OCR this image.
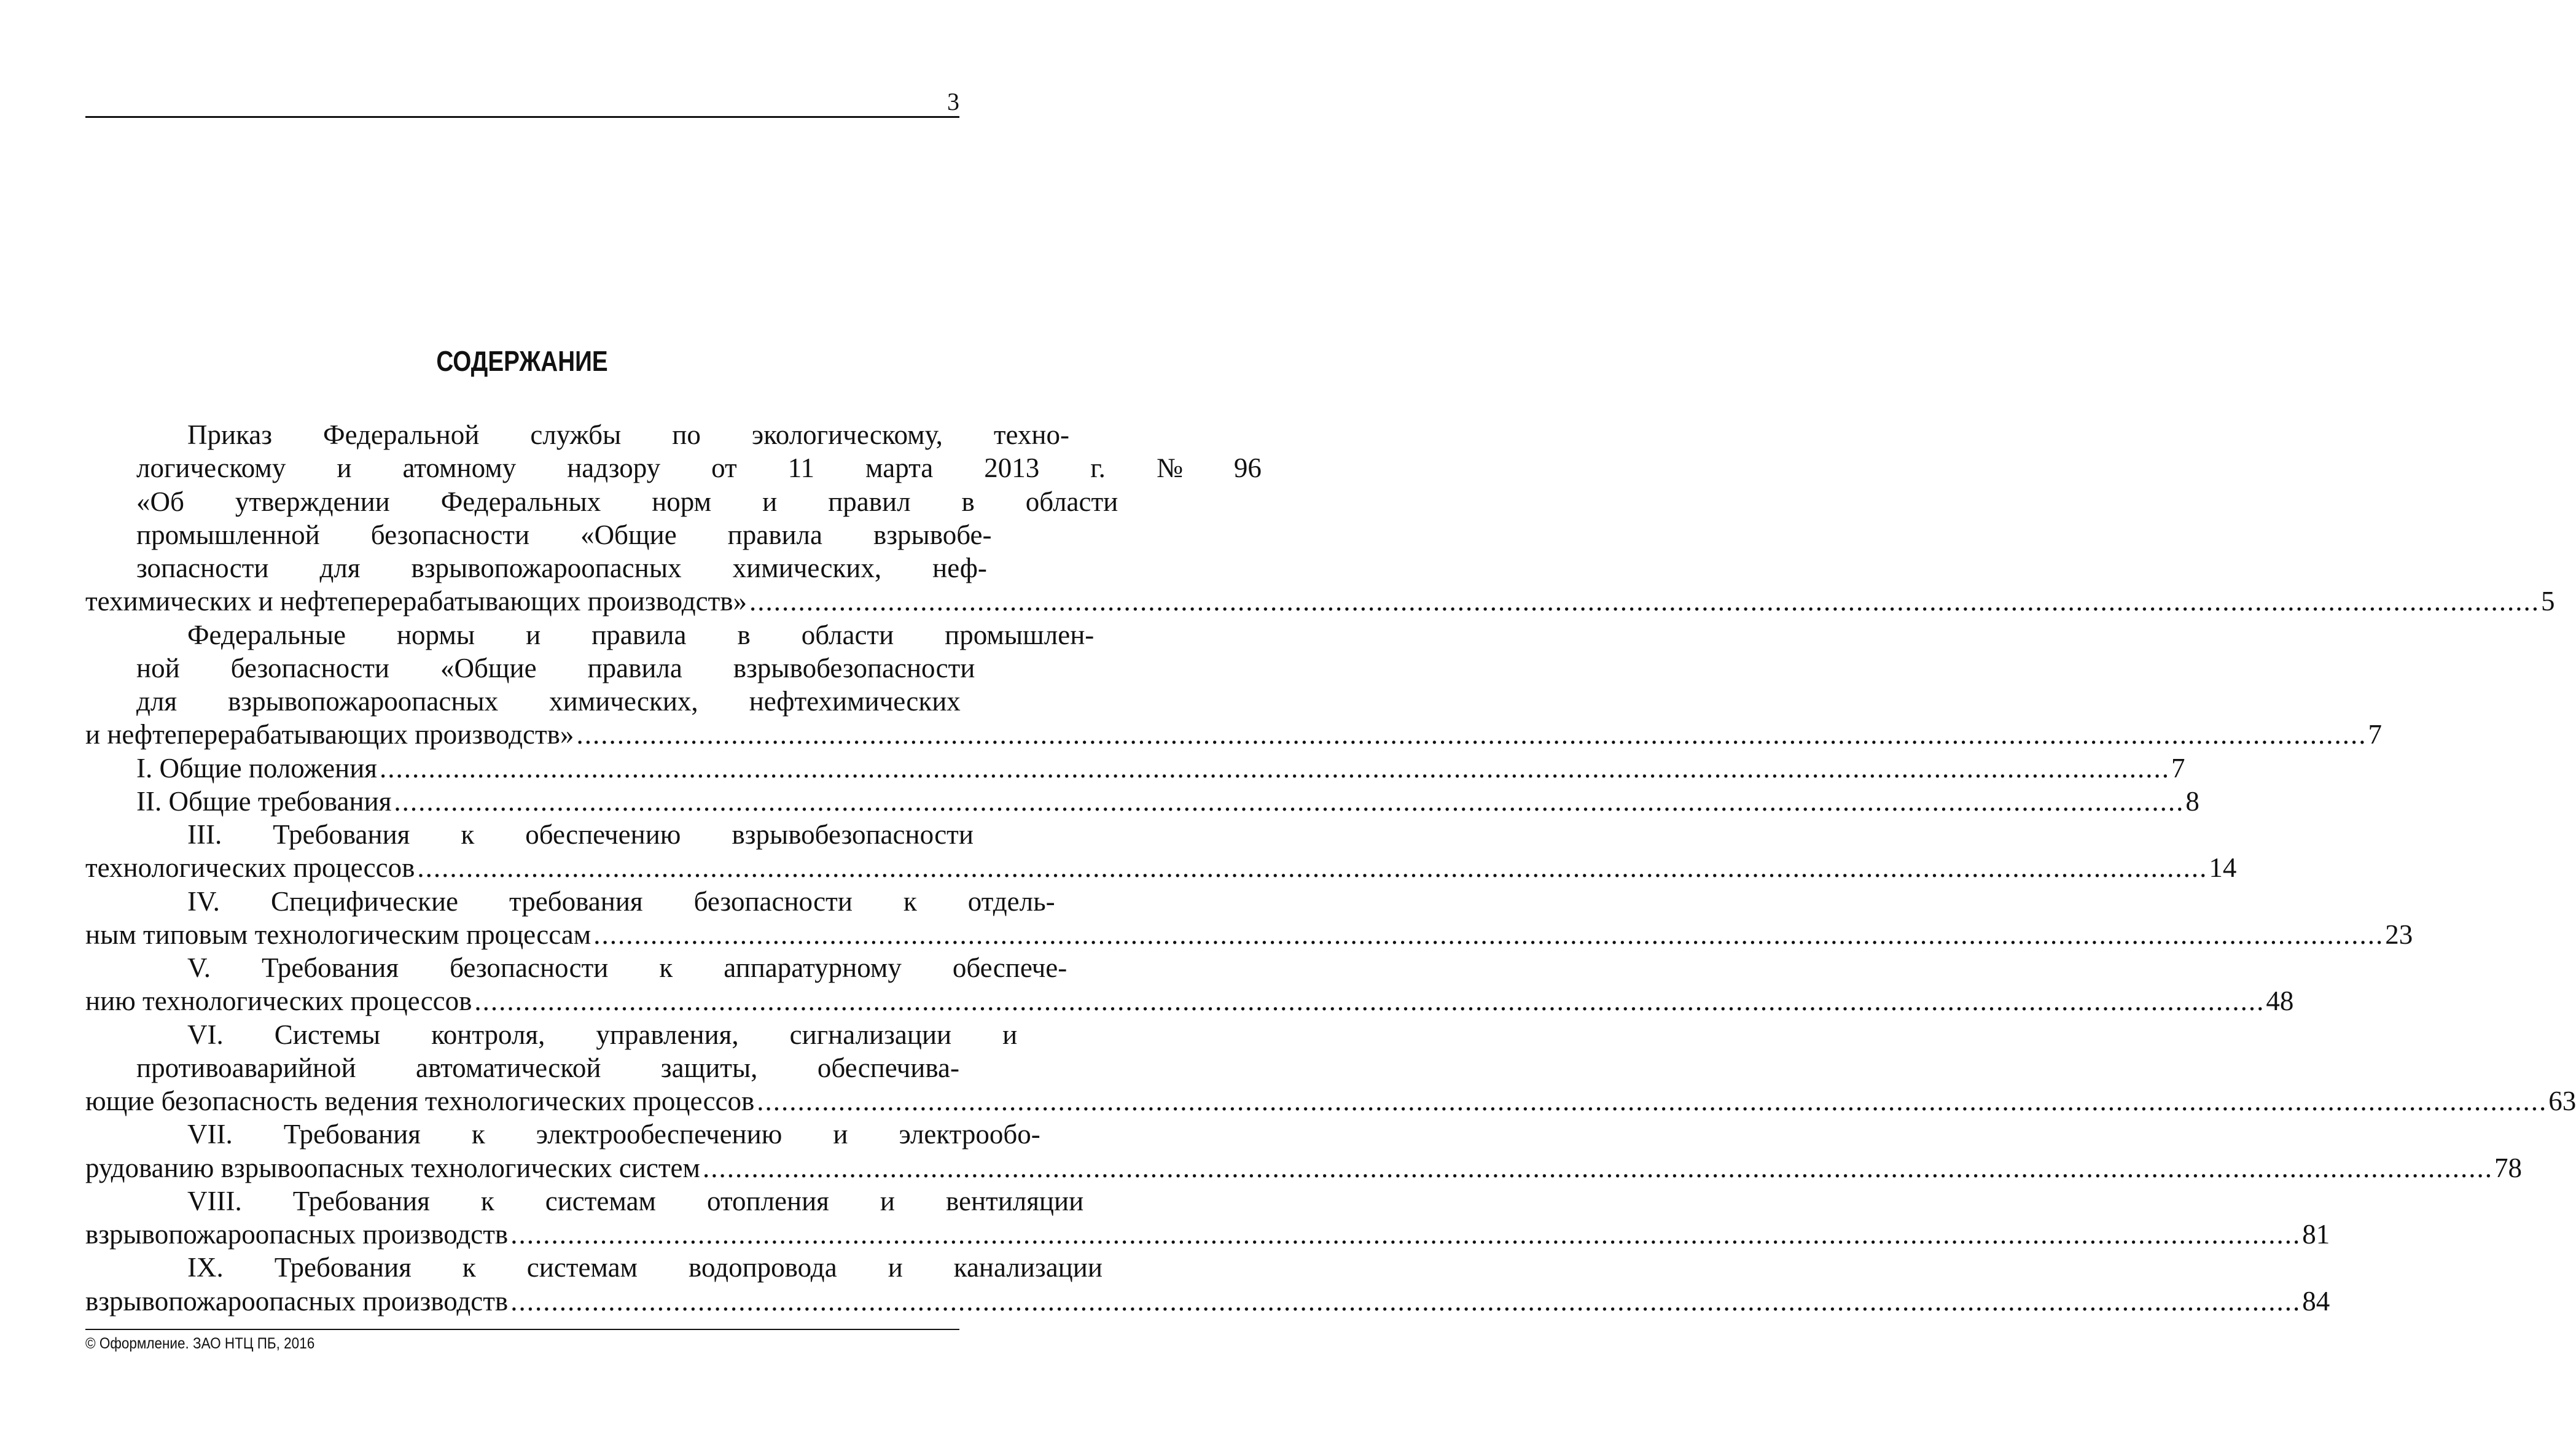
3
СОДЕРЖАНИЕ
Приказ	Федеральной	службы	по	экологическому,	техно-
логическому	и	атомному	надзору	от	11	марта	2013	г.	№	96
«Об	утверждении	Федеральных	норм	и	правил	в	области
промышленной	безопасности	«Общие	правила	взрывобе-
зопасности	для	взрывопожароопасных	химических,	неф-
техимических и нефтеперерабатывающих производств» .....	5
Федеральные	нормы	и	правила	в	области	промышлен-
ной	безопасности	«Общие	правила	взрывобезопасности
для	взрывопожароопасных	химических,	нефтехимических
и нефтеперерабатывающих производств» .....	7
I. Общие положения .....	7
II. Общие требования .....	8
III.	Требования	к	обеспечению	взрывобезопасности
технологических процессов .....	14
IV.	Специфические	требования	безопасности	к	отдель-
ным типовым технологическим процессам .....	23
V.	Требования	безопасности	к	аппаратурному	обеспече-
нию технологических процессов .....	48
VI.	Системы	контроля,	управления,	сигнализации	и
противоаварийной	автоматической	защиты,	обеспечива-
ющие безопасность ведения технологических процессов .....	63
VII.	Требования	к	электрообеспечению	и	электрообо-
рудованию взрывоопасных технологических систем .....	78
VIII.	Требования	к	системам	отопления	и	вентиляции
взрывопожароопасных производств .....	81
IX.	Требования	к	системам	водопровода	и	канализации
взрывопожароопасных производств .....	84
© Оформление. ЗАО НТЦ ПБ, 2016
